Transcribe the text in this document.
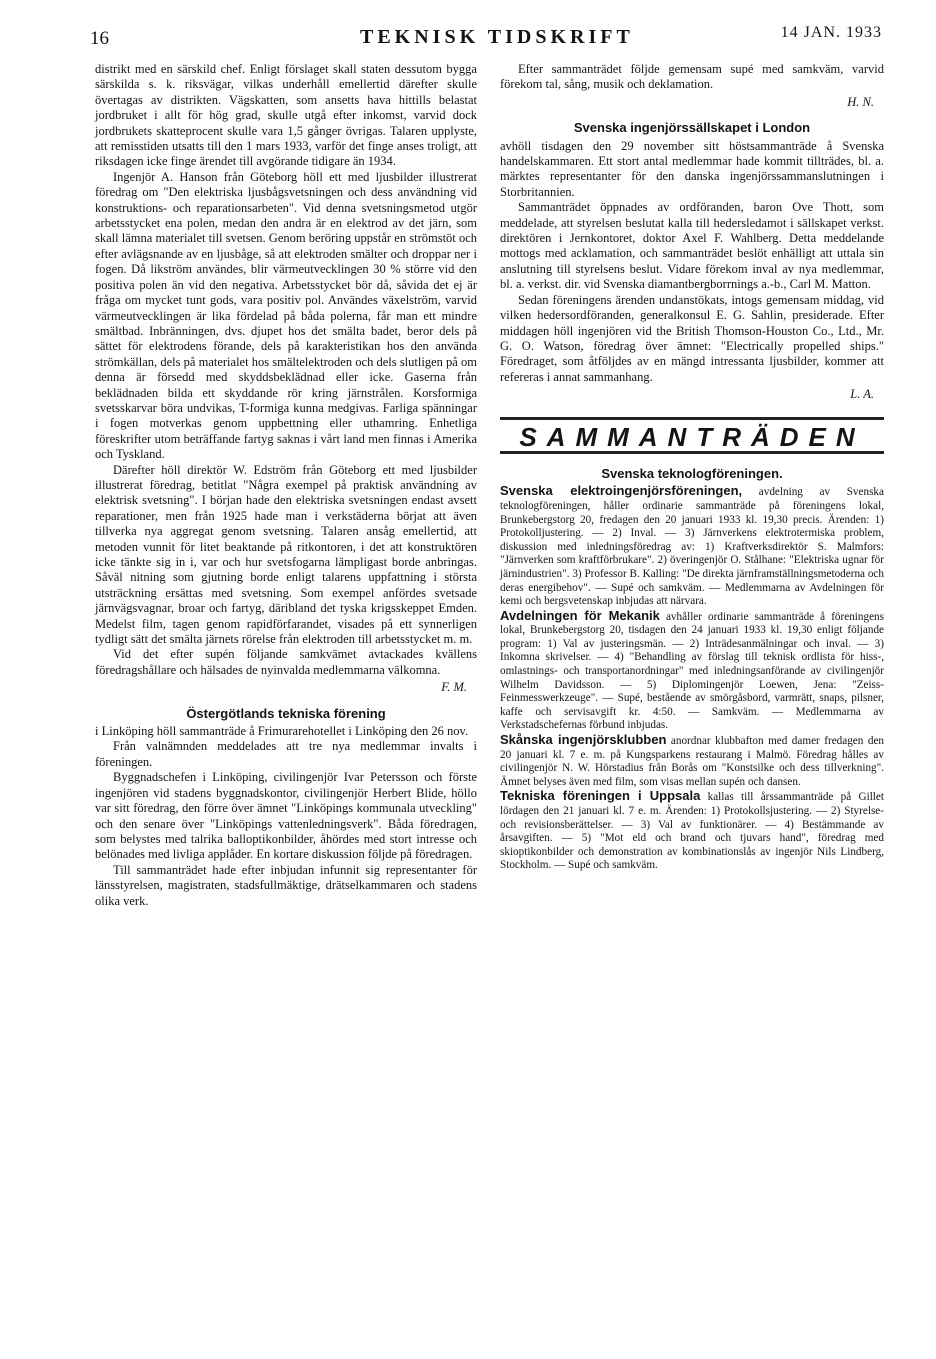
16	TEKNISK TIDSKRIFT	14 JAN. 1933

distrikt med en särskild chef. Enligt förslaget skall staten dessutom bygga särskilda s. k. riksvägar, vilkas underhåll emellertid därefter skulle övertagas av distrikten. Vägskatten, som ansetts hava hittills belastat jordbruket i allt för hög grad, skulle utgå efter inkomst, varvid dock jordbrukets skatteprocent skulle vara 1,5 gånger övrigas. Talaren upplyste, att remisstiden utsatts till den 1 mars 1933, varför det finge anses troligt, att riksdagen icke finge ärendet till avgörande tidigare än 1934.

Ingenjör A. Hanson från Göteborg höll ett med ljusbilder illustrerat föredrag om "Den elektriska ljusbågsvetsningen och dess användning vid konstruktions- och reparationsarbeten". Vid denna svetsningsmetod utgör arbetsstycket ena polen, medan den andra är en elektrod av det järn, som skall lämna materialet till svetsen. Genom beröring uppstår en strömstöt och efter avlägsnande av en ljusbåge, så att elektroden smälter och droppar ner i fogen. Då likström användes, blir värmeutvecklingen 30 % större vid den positiva polen än vid den negativa. Arbetsstycket bör då, såvida det ej är fråga om mycket tunt gods, vara positiv pol. Användes växelström, varvid värmeutvecklingen är lika fördelad på båda polerna, får man ett mindre smältbad. Inbränningen, dvs. djupet hos det smälta badet, beror dels på sättet för elektrodens förande, dels på karakteristikan hos den använda strömkällan, dels på materialet hos smältelektroden och dels slutligen på om denna är försedd med skyddsbeklädnad eller icke. Gaserna från beklädnaden bilda ett skyddande rör kring järnstrålen. Korsformiga svetsskarvar böra undvikas, T-formiga kunna medgivas. Farliga spänningar i fogen motverkas genom uppbettning eller uthamring. Enhetliga föreskrifter utom beträffande fartyg saknas i vårt land men finnas i Amerika och Tyskland.

Därefter höll direktör W. Edström från Göteborg ett med ljusbilder illustrerat föredrag, betitlat "Några exempel på praktisk användning av elektrisk svetsning". I början hade den elektriska svetsningen endast avsett reparationer, men från 1925 hade man i verkstäderna börjat att även tillverka nya aggregat genom svetsning. Talaren ansåg emellertid, att metoden vunnit för litet beaktande på ritkontoren, i det att konstruktören icke tänkte sig in i, var och hur svetsfogarna lämpligast borde anbringas. Såväl nitning som gjutning borde enligt talarens uppfattning i största utsträckning ersättas med svetsning. Som exempel anfördes svetsade järnvägsvagnar, broar och fartyg, däribland det tyska krigsskeppet Emden. Medelst film, tagen genom rapidförfarandet, visades på ett synnerligen tydligt sätt det smälta järnets rörelse från elektroden till arbetsstycket m. m.

Vid det efter supén följande samkvämet avtackades kvällens föredragshållare och hälsades de nyinvalda medlemmarna välkomna.

F. M.
Östergötlands tekniska förening

i Linköping höll sammanträde å Frimurarehotellet i Linköping den 26 nov.

Från valnämnden meddelades att tre nya medlemmar invalts i föreningen.

Byggnadschefen i Linköping, civilingenjör Ivar Petersson och förste ingenjören vid stadens byggnadskontor, civilingenjör Herbert Blide, höllo var sitt föredrag, den förre över ämnet "Linköpings kommunala utveckling" och den senare över "Linköpings vattenledningsverk". Båda föredragen, som belystes med talrika balloptikonbilder, åhördes med stort intresse och belönades med livliga applåder. En kortare diskussion följde på föredragen.

Till sammanträdet hade efter inbjudan infunnit sig representanter för länsstyrelsen, magistraten, stadsfullmäktige, drätselkammaren och stadens olika verk.

Efter sammanträdet följde gemensam supé med samkväm, varvid förekom tal, sång, musik och deklamation.

H. N.
Svenska ingenjörssällskapet i London

avhöll tisdagen den 29 november sitt höstsammanträde å Svenska handelskammaren. Ett stort antal medlemmar hade kommit tillträdes, bl. a. märktes representanter för den danska ingenjörssammanslutningen i Storbritannien.

Sammanträdet öppnades av ordföranden, baron Ove Thott, som meddelade, att styrelsen beslutat kalla till hedersledamot i sällskapet verkst. direktören i Jernkontoret, doktor Axel F. Wahlberg. Detta meddelande mottogs med acklamation, och sammanträdet beslöt enhälligt att uttala sin anslutning till styrelsens beslut. Vidare förekom inval av nya medlemmar, bl. a. verkst. dir. vid Svenska diamantbergborrnings a.-b., Carl M. Matton.

Sedan föreningens ärenden undanstökats, intogs gemensam middag, vid vilken hedersordföranden, generalkonsul E. G. Sahlin, presiderade. Efter middagen höll ingenjören vid the British Thomson-Houston Co., Ltd., Mr. G. O. Watson, föredrag över ämnet: "Electrically propelled ships." Föredraget, som åtföljdes av en mängd intressanta ljusbilder, kommer att refereras i annat sammanhang.

L. A.
SAMMANTRÄDEN
Svenska teknologföreningen.

Svenska elektroingenjörsföreningen, avdelning av Svenska teknologföreningen, håller ordinarie sammanträde på föreningens lokal, Brunkebergstorg 20, fredagen den 20 januari 1933 kl. 19,30 precis. Ärenden: 1) Protokolljustering. — 2) Inval. — 3) Järnverkens elektrotermiska problem, diskussion med inledningsföredrag av: 1) Kraftverksdirektör S. Malmfors: "Järnverken som kraftförbrukare". 2) överingenjör O. Stålhane: "Elektriska ugnar för järnindustrien". 3) Professor B. Kalling: "De direkta järnframställningsmetoderna och deras energibehov". — Supé och samkväm. — Medlemmarna av Avdelningen för kemi och bergsvetenskap inbjudas att närvara.

Avdelningen för Mekanik avhåller ordinarie sammanträde å föreningens lokal, Brunkebergstorg 20, tisdagen den 24 januari 1933 kl. 19,30 enligt följande program: 1) Val av justeringsmän. — 2) Inträdesanmälningar och inval. — 3) Inkomna skrivelser. — 4) "Behandling av förslag till teknisk ordlista för hiss-, omlastnings- och transportanordningar" med inledningsanförande av civilingenjör Wilhelm Davidsson. — 5) Diplomingenjör Loewen, Jena: "Zeiss-Feinmesswerkzeuge". — Supé, bestående av smörgåsbord, varmrätt, snaps, pilsner, kaffe och servisavgift kr. 4:50. — Samkväm. — Medlemmarna av Verkstadschefernas förbund inbjudas.

Skånska ingenjörsklubben anordnar klubbafton med damer fredagen den 20 januari kl. 7 e. m. på Kungsparkens restaurang i Malmö. Föredrag hålles av civilingenjör N. W. Hörstadius från Borås om "Konstsilke och dess tillverkning". Ämnet belyses även med film, som visas mellan supén och dansen.

Tekniska föreningen i Uppsala kallas till årssammanträde på Gillet lördagen den 21 januari kl. 7 e. m. Ärenden: 1) Protokollsjustering. — 2) Styrelse- och revisionsberättelser. — 3) Val av funktionärer. — 4) Bestämmande av årsavgiften. — 5) "Mot eld och brand och tjuvars hand", föredrag med skioptikonbilder och demonstration av kombinationslås av ingenjör Nils Lindberg, Stockholm. — Supé och samkväm.
